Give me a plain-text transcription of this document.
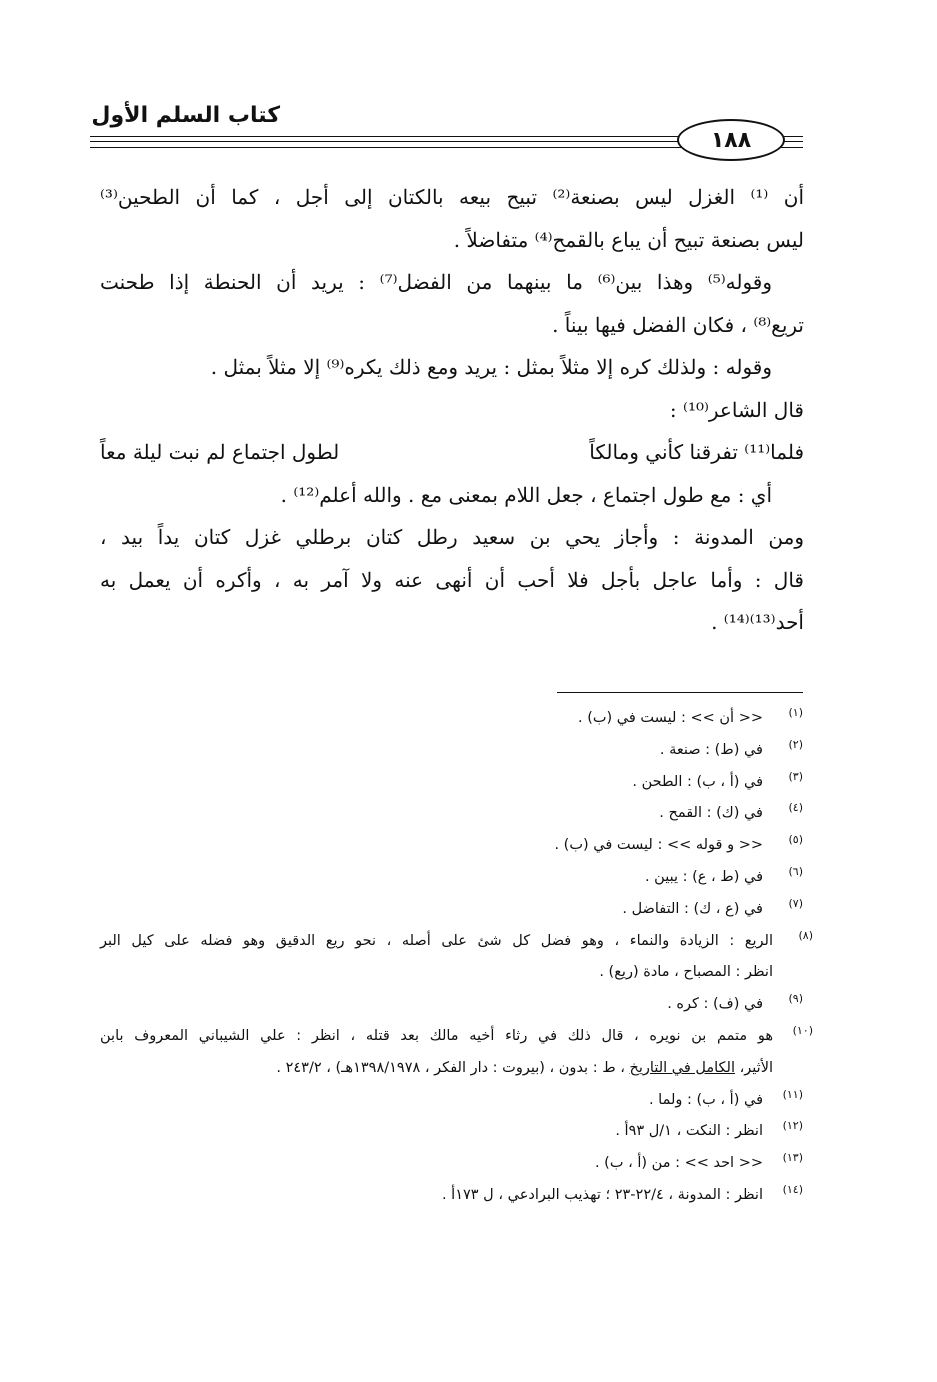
كتاب السلم الأول
١٨٨

أن ⁽¹⁾ الغزل ليس بصنعة⁽²⁾ تبيح بيعه بالكتان إلى أجل ، كما أن الطحين⁽³⁾
ليس بصنعة تبيح أن يباع بالقمح⁽⁴⁾ متفاضلاً .

وقوله⁽⁵⁾ وهذا بين⁽⁶⁾ ما بينهما من الفضل⁽⁷⁾ : يريد أن الحنطة إذا طحنت
تريع⁽⁸⁾ ، فكان الفضل فيها بيناً .

وقوله : ولذلك كره إلا مثلاً بمثل : يريد ومع ذلك يكره⁽⁹⁾ إلا مثلاً بمثل .

قال الشاعر⁽¹⁰⁾ :

فلما⁽¹¹⁾ تفرقنا كأني ومالكاً
لطول اجتماع لم نبت ليلة معاً

أي : مع طول اجتماع ، جعل اللام بمعنى مع . والله أعلم⁽¹²⁾ .

ومن المدونة : وأجاز يحي بن سعيد رطل كتان برطلي غزل كتان يداً بيد ،

قال : وأما عاجل بأجل فلا أحب أن أنهى عنه ولا آمر به ، وأكره أن يعمل به
أحد⁽¹³⁾⁽¹⁴⁾ .

(١)
<< أن >> : ليست في (ب) .
(٢)
في (ط) : صنعة .
(٣)
في (أ ، ب) : الطحن .
(٤)
في (ك) : القمح .
(٥)
<< و قوله >> : ليست في (ب) .
(٦)
في (ط ، ع) : يبين .
(٧)
في (ع ، ك) : التفاضل .
(٨)
الريع : الزيادة والنماء ، وهو فضل كل شئ على أصله ، نحو ريع الدقيق وهو فضله على كيل البر
انظر : المصباح ، مادة (ريع) .
(٩)
في (ف) : كره .
(١٠)
هو متمم بن نويره ، قال ذلك في رثاء أخيه مالك بعد قتله ، انظر : علي الشيباني المعروف بابن
الأثير، الكامل في التاريخ ، ط : بدون ، (بيروت : دار الفكر ، ١٣٩٨/١٩٧٨هـ) ، ٢٤٣/٢ .
(١١)
في (أ ، ب) : ولما .
(١٢)
انظر : النكت ، ١/ل ٩٣أ .
(١٣)
<< احد >> : من (أ ، ب) .
(١٤)
انظر : المدونة ، ٢٢/٤-٢٣ ؛ تهذيب البرادعي ، ل ١٧٣أ .
